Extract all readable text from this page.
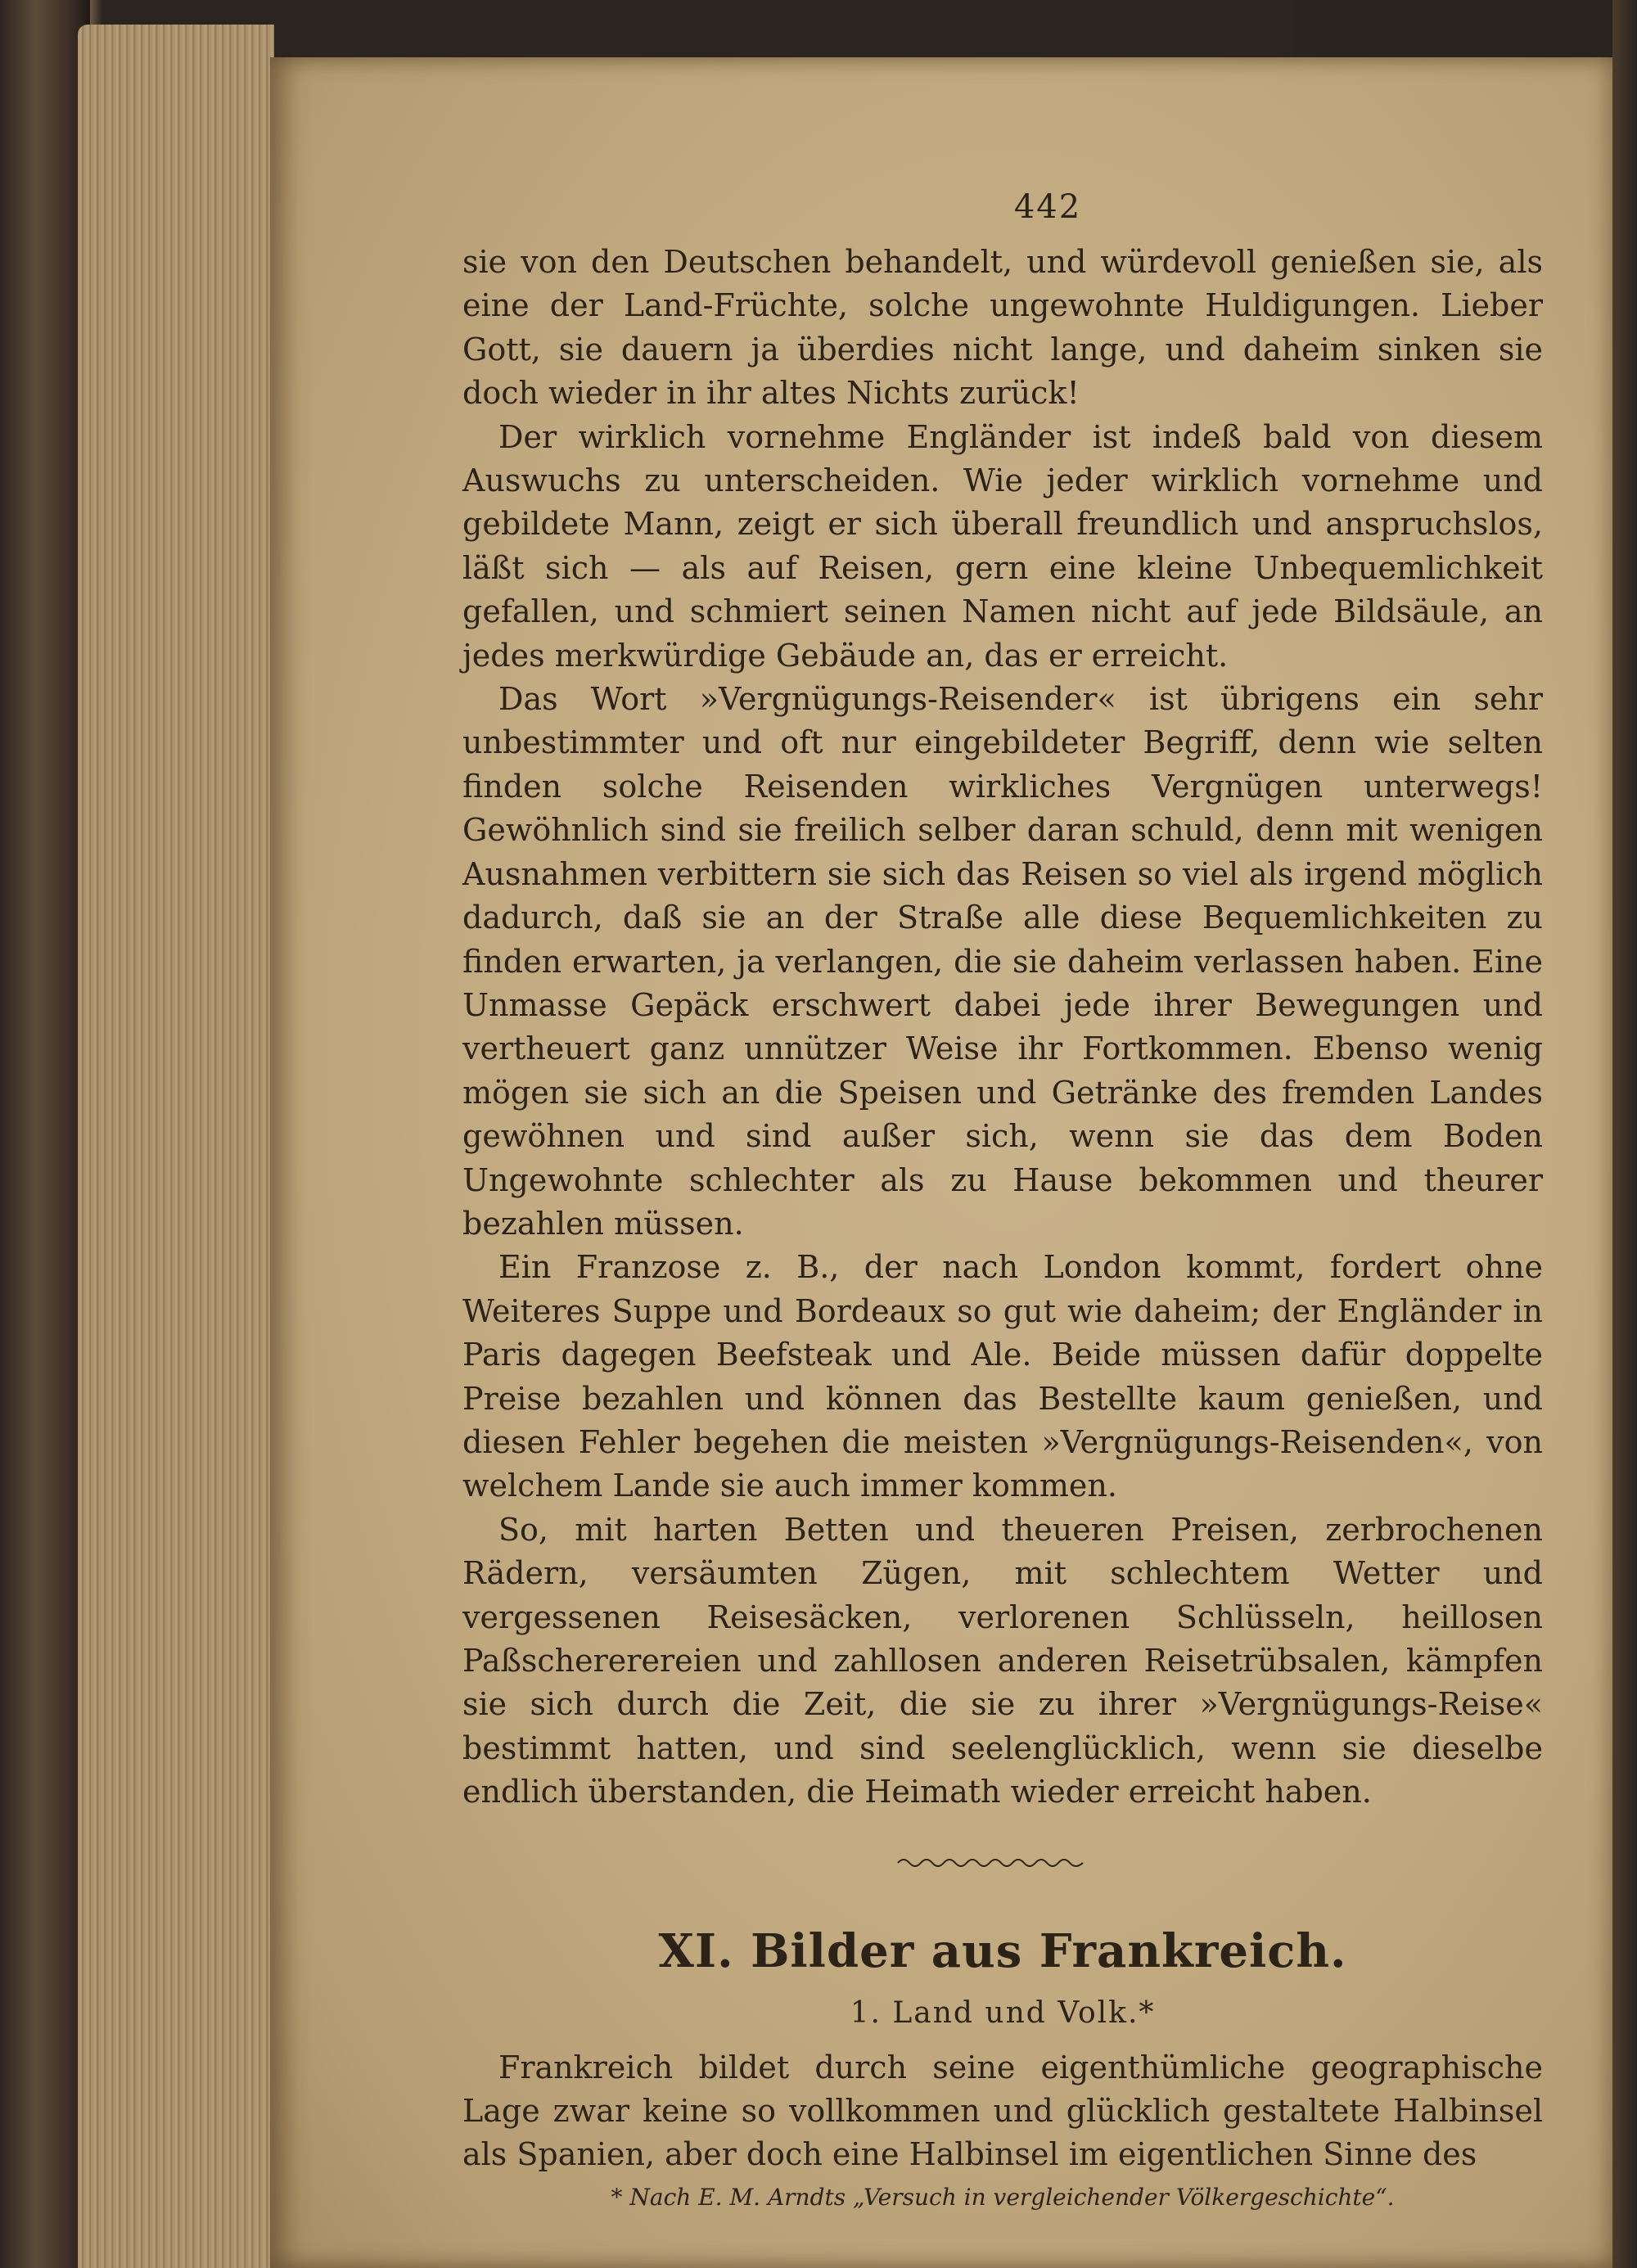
442

sie von den Deutschen behandelt, und würdevoll genießen sie, als eine der Land-Früchte, solche ungewohnte Huldigungen. Lieber Gott, sie dauern ja überdies nicht lange, und daheim sinken sie doch wieder in ihr altes Nichts zurück!

Der wirklich vornehme Engländer ist indeß bald von diesem Auswuchs zu unterscheiden. Wie jeder wirklich vornehme und gebildete Mann, zeigt er sich überall freundlich und anspruchslos, läßt sich — als auf Reisen, gern eine kleine Unbequemlichkeit gefallen, und schmiert seinen Namen nicht auf jede Bildsäule, an jedes merkwürdige Gebäude an, das er erreicht.

Das Wort »Vergnügungs-Reisender« ist übrigens ein sehr unbestimmter und oft nur eingebildeter Begriff, denn wie selten finden solche Reisenden wirkliches Vergnügen unterwegs! Gewöhnlich sind sie freilich selber daran schuld, denn mit wenigen Ausnahmen verbittern sie sich das Reisen so viel als irgend möglich dadurch, daß sie an der Straße alle diese Bequemlichkeiten zu finden erwarten, ja verlangen, die sie daheim verlassen haben. Eine Unmasse Gepäck erschwert dabei jede ihrer Bewegungen und vertheuert ganz unnützer Weise ihr Fortkommen. Ebenso wenig mögen sie sich an die Speisen und Getränke des fremden Landes gewöhnen und sind außer sich, wenn sie das dem Boden Ungewohnte schlechter als zu Hause bekommen und theurer bezahlen müssen.

Ein Franzose z. B., der nach London kommt, fordert ohne Weiteres Suppe und Bordeaux so gut wie daheim; der Engländer in Paris dagegen Beefsteak und Ale. Beide müssen dafür doppelte Preise bezahlen und können das Bestellte kaum genießen, und diesen Fehler begehen die meisten »Vergnügungs-Reisenden«, von welchem Lande sie auch immer kommen.

So, mit harten Betten und theueren Preisen, zerbrochenen Rädern, versäumten Zügen, mit schlechtem Wetter und vergessenen Reisesäcken, verlorenen Schlüsseln, heillosen Paßschererereien und zahllosen anderen Reisetrübsalen, kämpfen sie sich durch die Zeit, die sie zu ihrer »Vergnügungs-Reise« bestimmt hatten, und sind seelenglücklich, wenn sie dieselbe endlich überstanden, die Heimath wieder erreicht haben.

XI. Bilder aus Frankreich.
1. Land und Volk.*

Frankreich bildet durch seine eigenthümliche geographische Lage zwar keine so vollkommen und glücklich gestaltete Halbinsel als Spanien, aber doch eine Halbinsel im eigentlichen Sinne des

* Nach E. M. Arndts „Versuch in vergleichender Völkergeschichte“.
